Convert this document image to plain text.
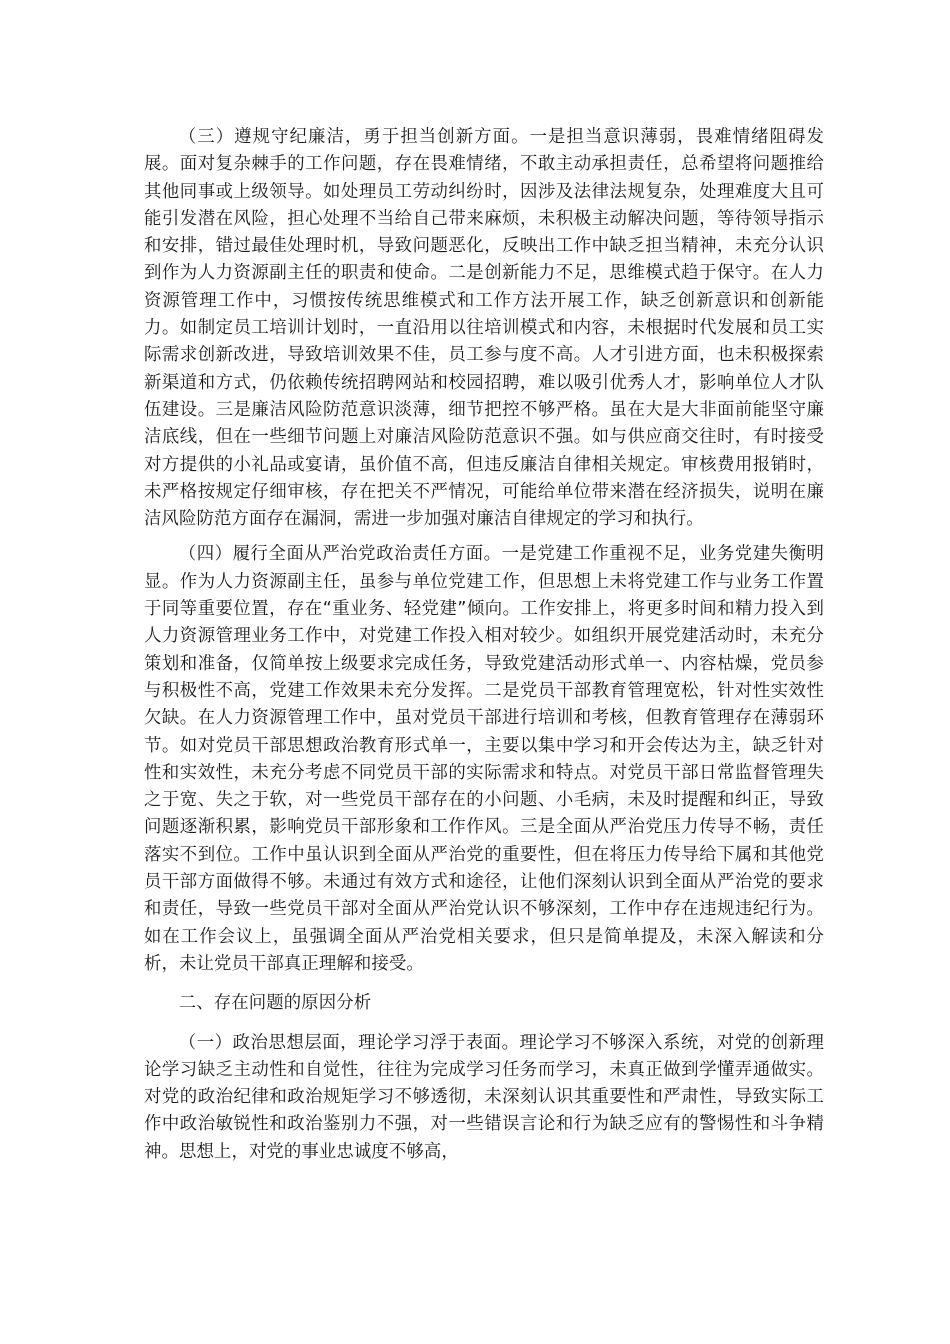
（三）遵规守纪廉洁，勇于担当创新方面。一是担当意识薄弱，畏难情绪阻碍发展。面对复杂棘手的工作问题，存在畏难情绪，不敢主动承担责任，总希望将问题推给其他同事或上级领导。如处理员工劳动纠纷时，因涉及法律法规复杂，处理难度大且可能引发潜在风险，担心处理不当给自己带来麻烦，未积极主动解决问题，等待领导指示和安排，错过最佳处理时机，导致问题恶化，反映出工作中缺乏担当精神，未充分认识到作为人力资源副主任的职责和使命。二是创新能力不足，思维模式趋于保守。在人力资源管理工作中，习惯按传统思维模式和工作方法开展工作，缺乏创新意识和创新能力。如制定员工培训计划时，一直沿用以往培训模式和内容，未根据时代发展和员工实际需求创新改进，导致培训效果不佳，员工参与度不高。人才引进方面，也未积极探索新渠道和方式，仍依赖传统招聘网站和校园招聘，难以吸引优秀人才，影响单位人才队伍建设。三是廉洁风险防范意识淡薄，细节把控不够严格。虽在大是大非面前能坚守廉洁底线，但在一些细节问题上对廉洁风险防范意识不强。如与供应商交往时，有时接受对方提供的小礼品或宴请，虽价值不高，但违反廉洁自律相关规定。审核费用报销时，未严格按规定仔细审核，存在把关不严情况，可能给单位带来潜在经济损失，说明在廉洁风险防范方面存在漏洞，需进一步加强对廉洁自律规定的学习和执行。

（四）履行全面从严治党政治责任方面。一是党建工作重视不足，业务党建失衡明显。作为人力资源副主任，虽参与单位党建工作，但思想上未将党建工作与业务工作置于同等重要位置，存在“重业务、轻党建”倾向。工作安排上，将更多时间和精力投入到人力资源管理业务工作中，对党建工作投入相对较少。如组织开展党建活动时，未充分策划和准备，仅简单按上级要求完成任务，导致党建活动形式单一、内容枯燥，党员参与积极性不高，党建工作效果未充分发挥。二是党员干部教育管理宽松，针对性实效性欠缺。在人力资源管理工作中，虽对党员干部进行培训和考核，但教育管理存在薄弱环节。如对党员干部思想政治教育形式单一，主要以集中学习和开会传达为主，缺乏针对性和实效性，未充分考虑不同党员干部的实际需求和特点。对党员干部日常监督管理失之于宽、失之于软，对一些党员干部存在的小问题、小毛病，未及时提醒和纠正，导致问题逐渐积累，影响党员干部形象和工作作风。三是全面从严治党压力传导不畅，责任落实不到位。工作中虽认识到全面从严治党的重要性，但在将压力传导给下属和其他党员干部方面做得不够。未通过有效方式和途径，让他们深刻认识到全面从严治党的要求和责任，导致一些党员干部对全面从严治党认识不够深刻，工作中存在违规违纪行为。如在工作会议上，虽强调全面从严治党相关要求，但只是简单提及，未深入解读和分析，未让党员干部真正理解和接受。

二、存在问题的原因分析

（一）政治思想层面，理论学习浮于表面。理论学习不够深入系统，对党的创新理论学习缺乏主动性和自觉性，往往为完成学习任务而学习，未真正做到学懂弄通做实。对党的政治纪律和政治规矩学习不够透彻，未深刻认识其重要性和严肃性，导致实际工作中政治敏锐性和政治鉴别力不强，对一些错误言论和行为缺乏应有的警惕性和斗争精神。思想上，对党的事业忠诚度不够高，
